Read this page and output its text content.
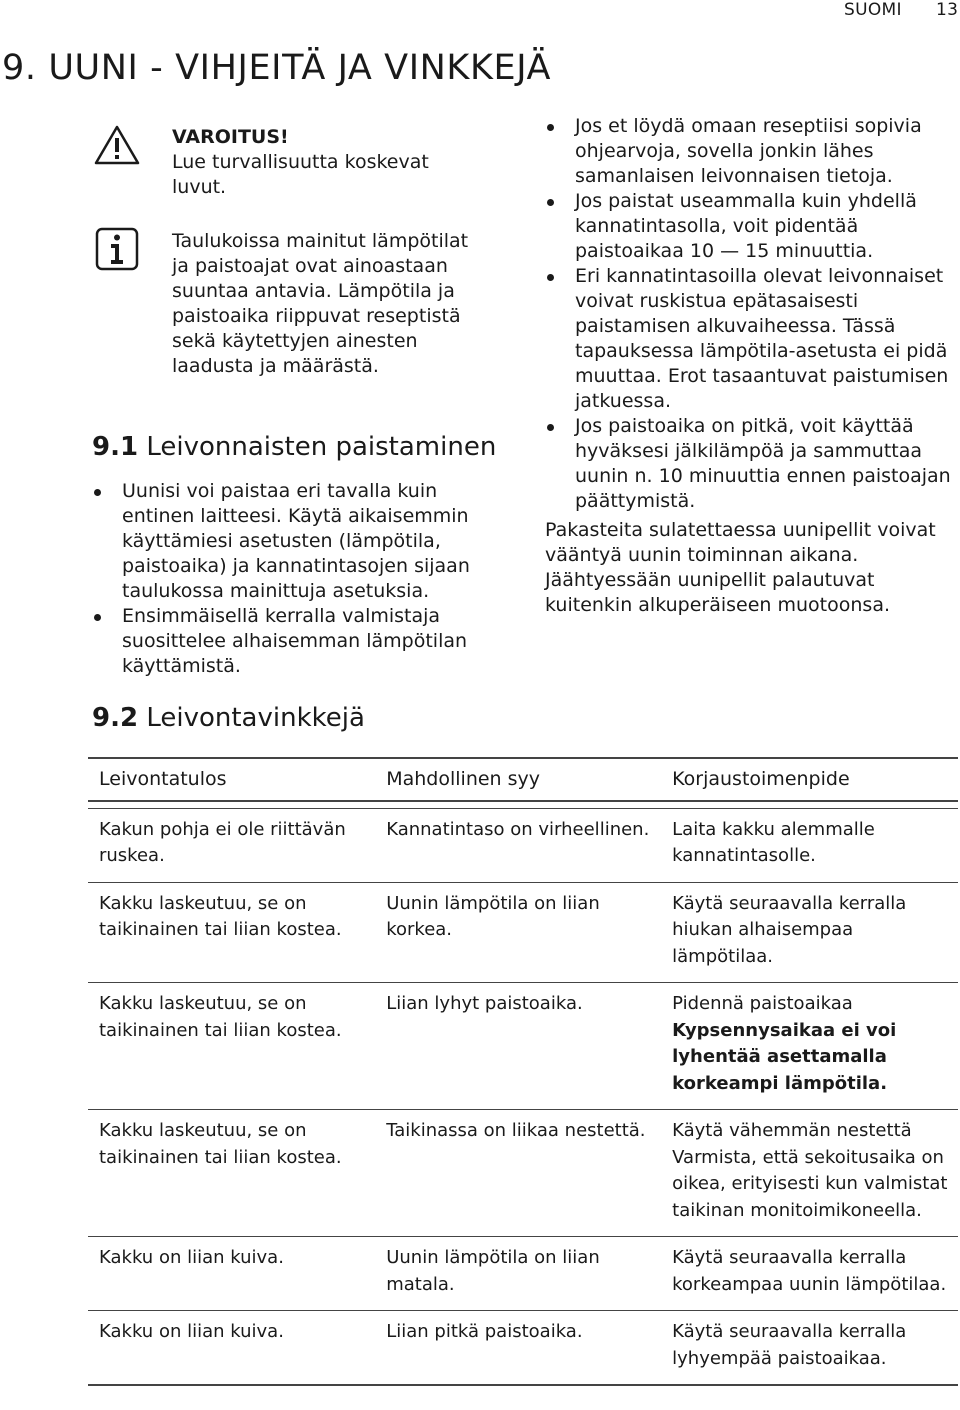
SUOMI 13
9. UUNI - VIHJEITÄ JA VINKKEJÄ
VAROITUS!
Lue turvallisuutta koskevat luvut.
Taulukoissa mainitut lämpötilat ja paistoajat ovat ainoastaan suuntaa antavia. Lämpötila ja paistoaika riippuvat reseptistä sekä käytettyjen ainesten laadusta ja määrästä.
9.1 Leivonnaisten paistaminen
Uunisi voi paistaa eri tavalla kuin entinen laitteesi. Käytä aikaisemmin käyttämiesi asetusten (lämpötila, paistoaika) ja kannatintasojen sijaan taulukossa mainittuja asetuksia.
Ensimmäisellä kerralla valmistaja suosittelee alhaisemman lämpötilan käyttämistä.
Jos et löydä omaan reseptiisi sopivia ohjearvoja, sovella jonkin lähes samanlaisen leivonnaisen tietoja.
Jos paistat useammalla kuin yhdellä kannatintasolla, voit pidentää paistoaikaa 10 — 15 minuuttia.
Eri kannatintasoilla olevat leivonnaiset voivat ruskistua epätasaisesti paistamisen alkuvaiheessa. Tässä tapauksessa lämpötila-asetusta ei pidä muuttaa. Erot tasaantuvat paistumisen jatkuessa.
Jos paistoaika on pitkä, voit käyttää hyväksesi jälkilämpöä ja sammuttaa uunin n. 10 minuuttia ennen paistoajan päättymistä.
Pakasteita sulatettaessa uunipellit voivat vääntyä uunin toiminnan aikana. Jäähtyessään uunipellit palautuvat kuitenkin alkuperäiseen muotoonsa.
9.2 Leivontavinkkejä
Leivontatulos	Mahdollinen syy	Korjaustoimenpide

Kakun pohja ei ole riittävän ruskea.	Kannatintaso on virheellinen.	Laita kakku alemmalle kannatintasolle.
Kakku laskeutuu, se on taikinainen tai liian kostea.	Uunin lämpötila on liian korkea.	Käytä seuraavalla kerralla hiukan alhaisempaa lämpötilaa.
Kakku laskeutuu, se on taikinainen tai liian kostea.	Liian lyhyt paistoaika.	Pidennä paistoaikaa Kypsennysaikaa ei voi lyhentää asettamalla korkeampi lämpötila.
Kakku laskeutuu, se on taikinainen tai liian kostea.	Taikinassa on liikaa nestettä.	Käytä vähemmän nestettä Varmista, että sekoitusaika on oikea, erityisesti kun valmistat taikinan monitoimikoneella.
Kakku on liian kuiva.	Uunin lämpötila on liian matala.	Käytä seuraavalla kerralla korkeampaa uunin lämpötilaa.
Kakku on liian kuiva.	Liian pitkä paistoaika.	Käytä seuraavalla kerralla lyhyempää paistoaikaa.
